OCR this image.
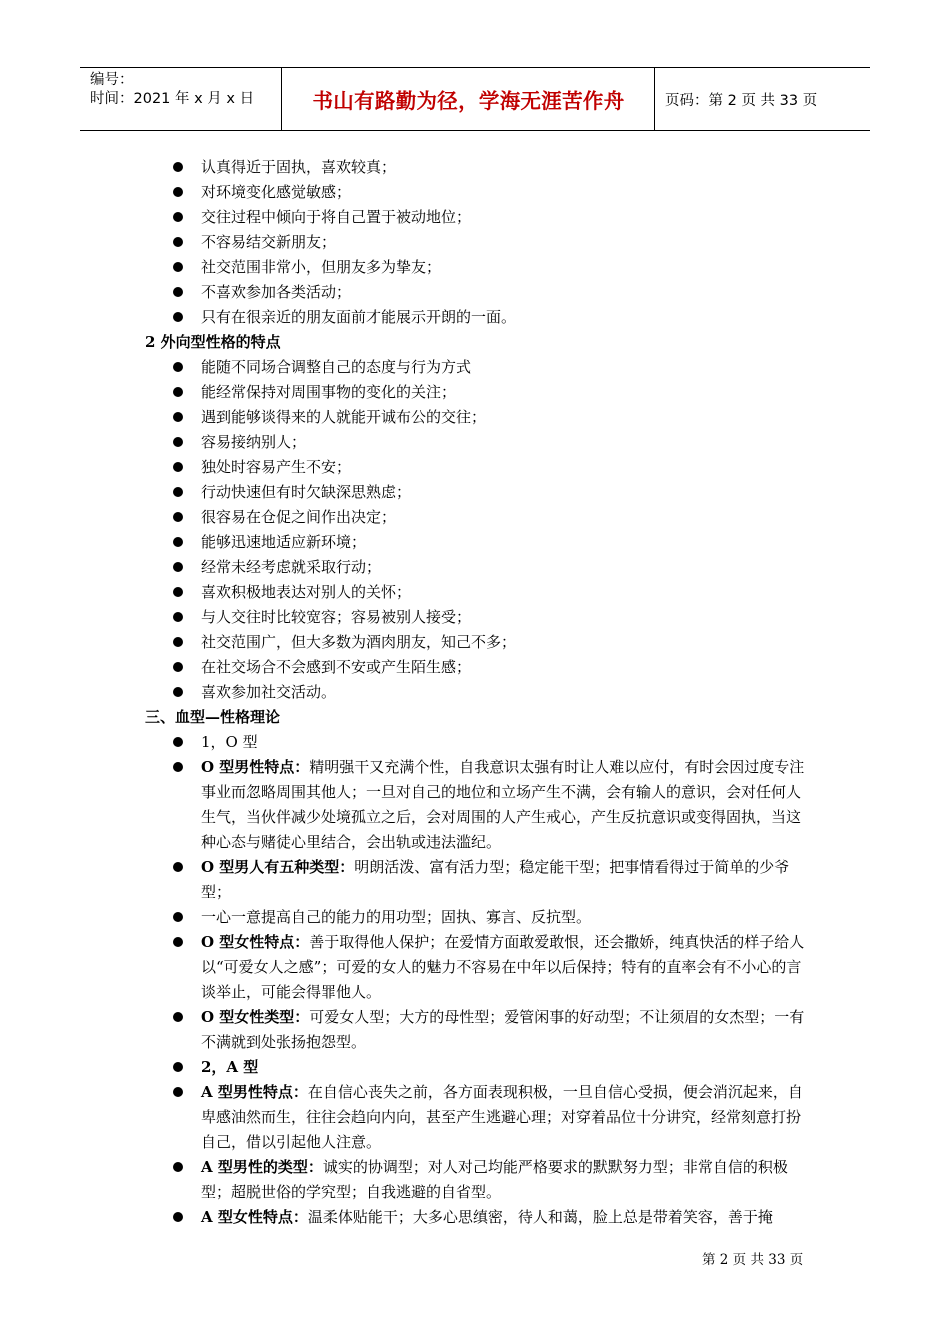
编号：
时间：2021 年 x 月 x 日	书山有路勤为径，学海无涯苦作舟	页码：第 2 页 共 33 页
认真得近于固执，喜欢较真；
对环境变化感觉敏感；
交往过程中倾向于将自己置于被动地位；
不容易结交新朋友；
社交范围非常小，但朋友多为挚友；
不喜欢参加各类活动；
只有在很亲近的朋友面前才能展示开朗的一面。
2 外向型性格的特点
能随不同场合调整自己的态度与行为方式
能经常保持对周围事物的变化的关注；
遇到能够谈得来的人就能开诚布公的交往；
容易接纳别人；
独处时容易产生不安；
行动快速但有时欠缺深思熟虑；
很容易在仓促之间作出决定；
能够迅速地适应新环境；
经常未经考虑就采取行动；
喜欢积极地表达对别人的关怀；
与人交往时比较宽容；容易被别人接受；
社交范围广，但大多数为酒肉朋友，知己不多；
在社交场合不会感到不安或产生陌生感；
喜欢参加社交活动。
三、血型—性格理论
1，O 型
O 型男性特点：精明强干又充满个性，自我意识太强有时让人难以应付，有时会因过度专注事业而忽略周围其他人；一旦对自己的地位和立场产生不满，会有输人的意识，会对任何人生气，当伙伴减少处境孤立之后，会对周围的人产生戒心，产生反抗意识或变得固执，当这种心态与赌徒心里结合，会出轨或违法滥纪。
O 型男人有五种类型：明朗活泼、富有活力型；稳定能干型；把事情看得过于简单的少爷型；
一心一意提高自己的能力的用功型；固执、寡言、反抗型。
O 型女性特点：善于取得他人保护；在爱情方面敢爱敢恨，还会撒娇，纯真快活的样子给人以“可爱女人之感”；可爱的女人的魅力不容易在中年以后保持；特有的直率会有不小心的言谈举止，可能会得罪他人。
O 型女性类型：可爱女人型；大方的母性型；爱管闲事的好动型；不让须眉的女杰型；一有不满就到处张扬抱怨型。
2，A 型
A 型男性特点：在自信心丧失之前，各方面表现积极，一旦自信心受损，便会消沉起来，自卑感油然而生，往往会趋向内向，甚至产生逃避心理；对穿着品位十分讲究，经常刻意打扮自己，借以引起他人注意。
A 型男性的类型：诚实的协调型；对人对己均能严格要求的默默努力型；非常自信的积极型；超脱世俗的学究型；自我逃避的自省型。
A 型女性特点：温柔体贴能干；大多心思缜密，待人和蔼，脸上总是带着笑容，善于掩
第 2 页 共 33 页
